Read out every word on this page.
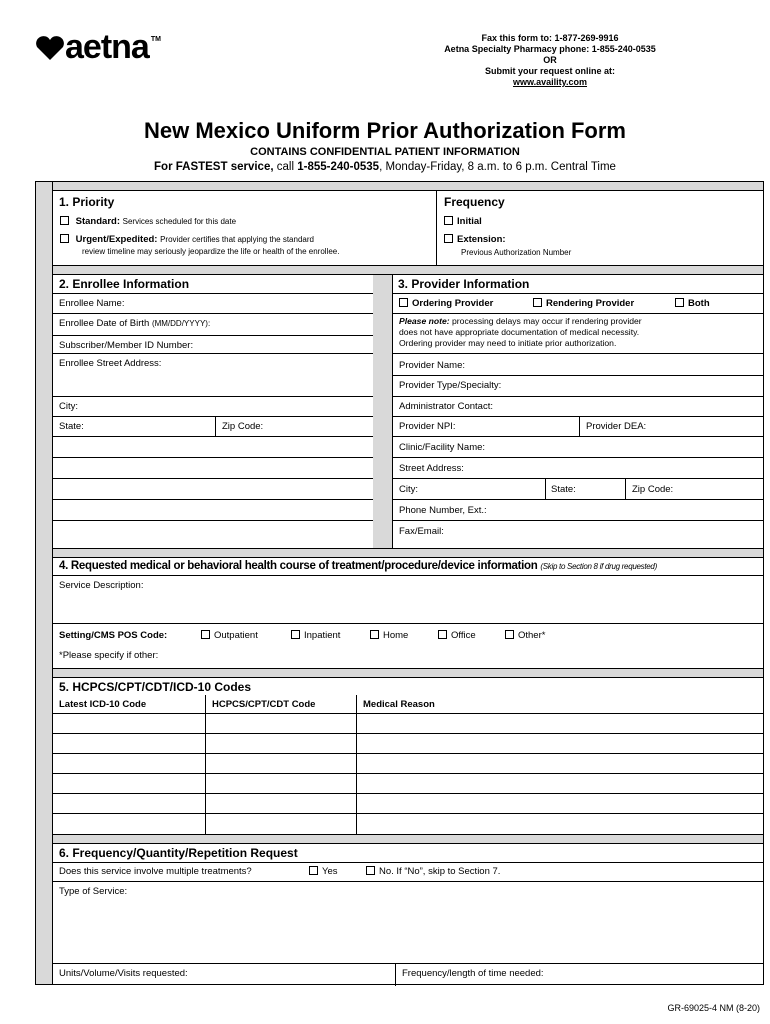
aetna TM	Fax this form to: 1-877-269-9916
Aetna Specialty Pharmacy phone: 1-855-240-0535
OR
Submit your request online at:
www.availity.com
New Mexico Uniform Prior Authorization Form
CONTAINS CONFIDENTIAL PATIENT INFORMATION
For FASTEST service, call 1-855-240-0535, Monday-Friday, 8 a.m. to 6 p.m. Central Time
1. Priority
Standard: Services scheduled for this date
Urgent/Expedited: Provider certifies that applying the standard
review timeline may seriously jeopardize the life or health of the enrollee.
Frequency
Initial
Extension:
Previous Authorization Number
2. Enrollee Information
Enrollee Name:
Enrollee Date of Birth (MM/DD/YYYY):
Subscriber/Member ID Number:
Enrollee Street Address:
City:
State:	Zip Code:
3. Provider Information
Ordering Provider	Rendering Provider	Both
Please note: processing delays may occur if rendering provider
does not have appropriate documentation of medical necessity.
Ordering provider may need to initiate prior authorization.
Provider Name:
Provider Type/Specialty:
Administrator Contact:
Provider NPI:	Provider DEA:
Clinic/Facility Name:
Street Address:
City:	State:	Zip Code:
Phone Number, Ext.:
Fax/Email:
4. Requested medical or behavioral health course of treatment/procedure/device information (Skip to Section 8 if drug requested)
Service Description:
Setting/CMS POS Code:	Outpatient	Inpatient	Home	Office	Other*
*Please specify if other:
5. HCPCS/CPT/CDT/ICD-10 Codes
Latest ICD-10 Code	HCPCS/CPT/CDT Code	Medical Reason
6. Frequency/Quantity/Repetition Request
Does this service involve multiple treatments?	Yes	No. If “No”, skip to Section 7.
Type of Service:
Units/Volume/Visits requested:	Frequency/length of time needed:
GR-69025-4 NM (8-20)
